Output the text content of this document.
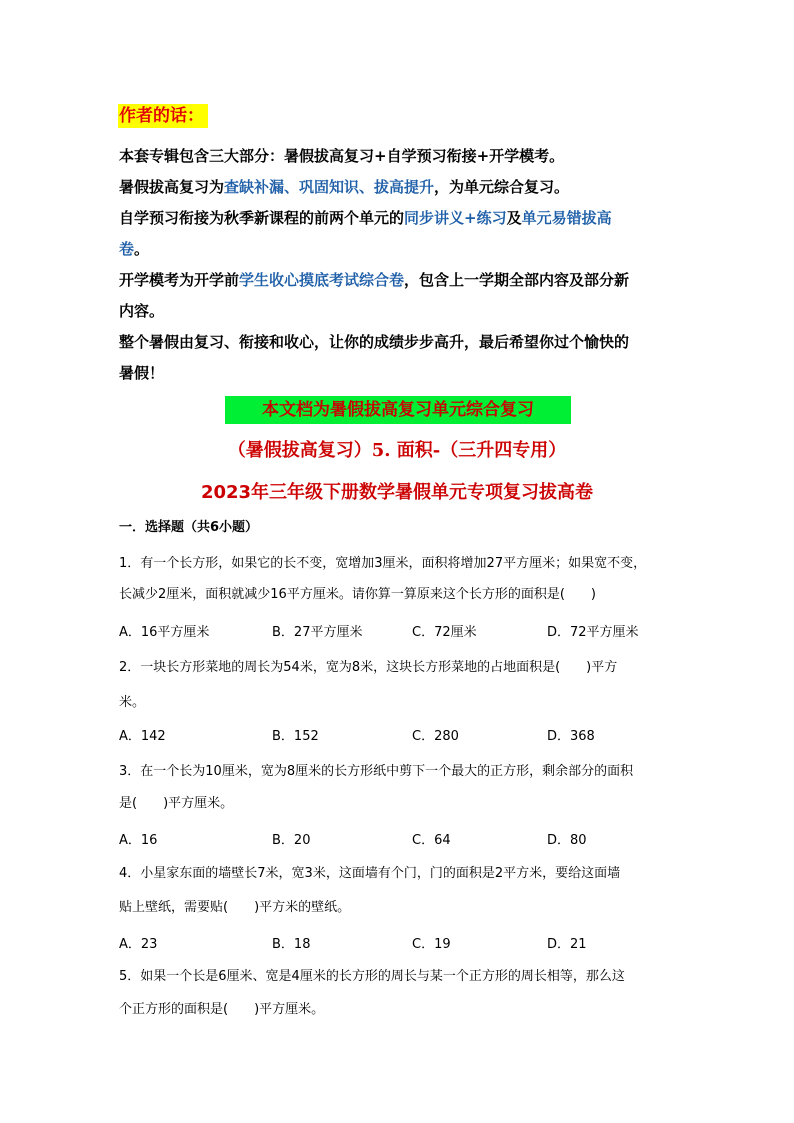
作者的话：
本套专辑包含三大部分：暑假拔高复习+自学预习衔接+开学模考。
暑假拔高复习为查缺补漏、巩固知识、拔高提升，为单元综合复习。
自学预习衔接为秋季新课程的前两个单元的同步讲义+练习及单元易错拔高
卷。
开学模考为开学前学生收心摸底考试综合卷，包含上一学期全部内容及部分新
内容。
整个暑假由复习、衔接和收心，让你的成绩步步高升，最后希望你过个愉快的
暑假！
本文档为暑假拔高复习单元综合复习
（暑假拔高复习）5. 面积-（三升四专用）
2023年三年级下册数学暑假单元专项复习拔高卷
一．选择题（共6小题）
1．有一个长方形，如果它的长不变，宽增加3厘米，面积将增加27平方厘米；如果宽不变，
长减少2厘米，面积就减少16平方厘米。请你算一算原来这个长方形的面积是(　　)
A．16平方厘米	B．27平方厘米	C．72厘米	D．72平方厘米
2．一块长方形菜地的周长为54米，宽为8米，这块长方形菜地的占地面积是(　　)平方
米。
A．142	B．152	C．280	D．368
3．在一个长为10厘米，宽为8厘米的长方形纸中剪下一个最大的正方形，剩余部分的面积
是(　　)平方厘米。
A．16	B．20	C．64	D．80
4．小星家东面的墙壁长7米，宽3米，这面墙有个门，门的面积是2平方米，要给这面墙
贴上壁纸，需要贴(　　)平方米的壁纸。
A．23	B．18	C．19	D．21
5．如果一个长是6厘米、宽是4厘米的长方形的周长与某一个正方形的周长相等，那么这
个正方形的面积是(　　)平方厘米。
